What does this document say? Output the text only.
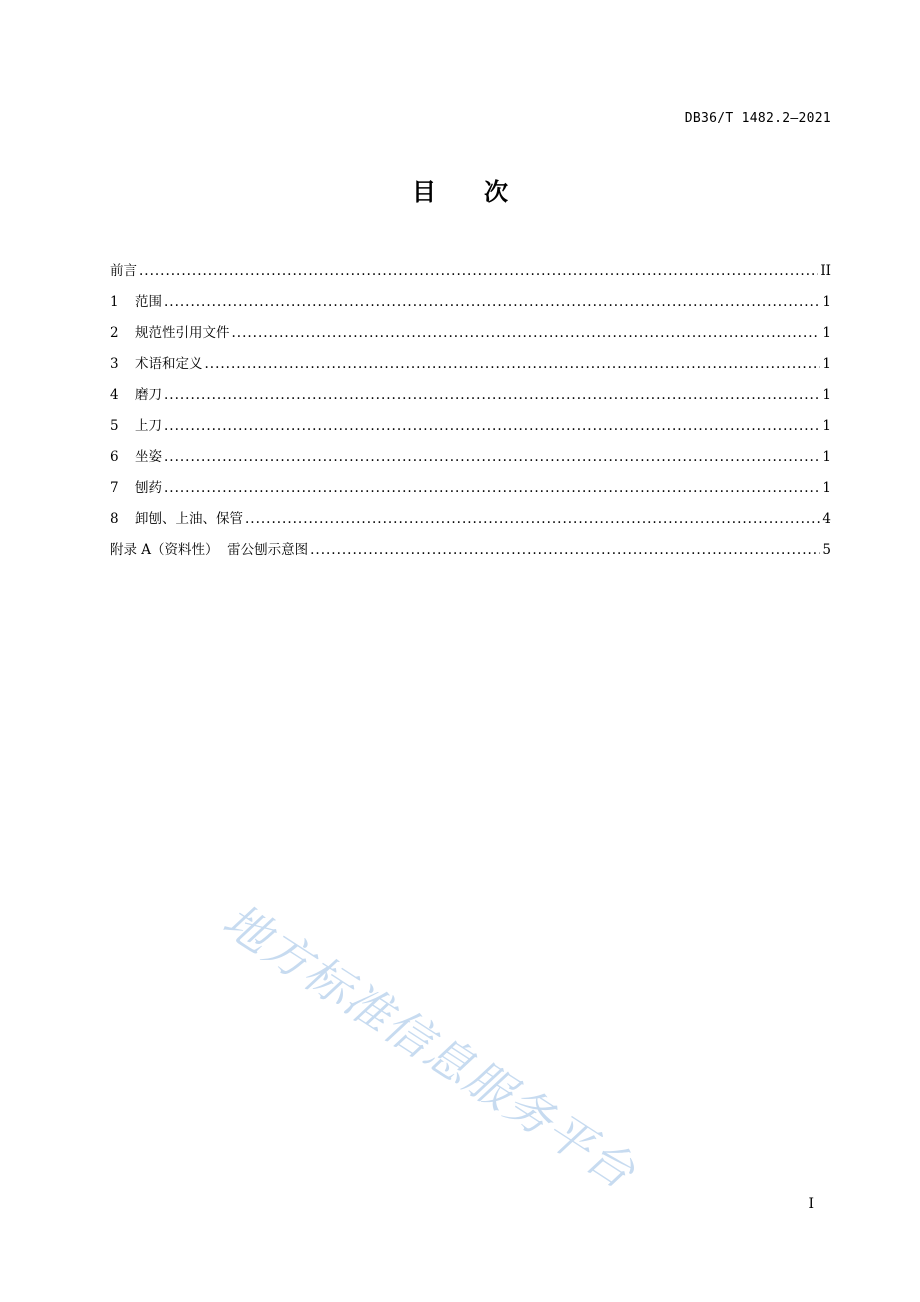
DB36/T 1482.2—2021
目 次
前言 .....	II
1	范围 .....	1
2	规范性引用文件 .....	1
3	术语和定义 .....	1
4	磨刀 .....	1
5	上刀 .....	1
6	坐姿 .....	1
7	刨药 .....	1
8	卸刨、上油、保管 .....	4
附录 A（资料性）  雷公刨示意图 .....	5
地方标准信息服务平台
I
